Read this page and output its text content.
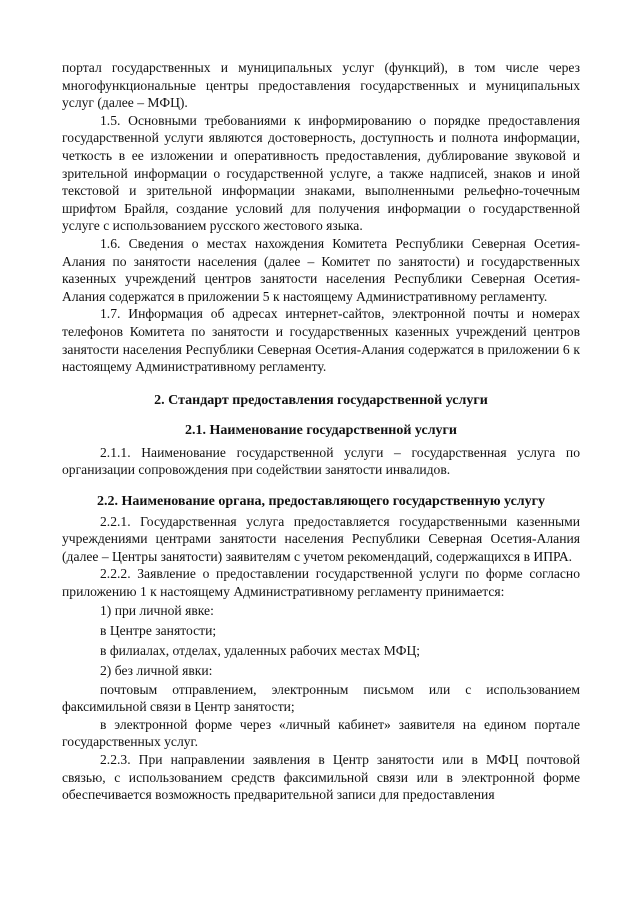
портал государственных и муниципальных услуг (функций), в том числе через многофункциональные центры предоставления государственных и муниципальных услуг (далее – МФЦ).

1.5. Основными требованиями к информированию о порядке предоставления государственной услуги являются достоверность, доступность и полнота информации, четкость в ее изложении и оперативность предоставления, дублирование звуковой и зрительной информации о государственной услуге, а также надписей, знаков и иной текстовой и зрительной информации знаками, выполненными рельефно-точечным шрифтом Брайля, создание условий для получения информации о государственной услуге с использованием русского жестового языка.

1.6. Сведения о местах нахождения Комитета Республики Северная Осетия-Алания по занятости населения (далее – Комитет по занятости) и государственных казенных учреждений центров занятости населения Республики Северная Осетия-Алания содержатся в приложении 5 к настоящему Административному регламенту.

1.7. Информация об адресах интернет-сайтов, электронной почты и номерах телефонов Комитета по занятости и государственных казенных учреждений центров занятости населения Республики Северная Осетия-Алания содержатся в приложении 6 к настоящему Административному регламенту.

2. Стандарт предоставления государственной услуги
2.1. Наименование государственной услуги

2.1.1. Наименование государственной услуги – государственная услуга по организации сопровождения при содействии занятости инвалидов.

2.2. Наименование органа, предоставляющего государственную услугу

2.2.1. Государственная услуга предоставляется государственными казенными учреждениями центрами занятости населения Республики Северная Осетия-Алания (далее – Центры занятости) заявителям с учетом рекомендаций, содержащихся в ИПРА.

2.2.2. Заявление о предоставлении государственной услуги по форме согласно приложению 1 к настоящему Административному регламенту принимается:

1) при личной явке:

в Центре занятости;

в филиалах, отделах, удаленных рабочих местах МФЦ;

2) без личной явки:

почтовым отправлением, электронным письмом или с использованием факсимильной связи в Центр занятости;

в электронной форме через «личный кабинет» заявителя на едином портале государственных услуг.

2.2.3. При направлении заявления в Центр занятости или в МФЦ почтовой связью, с использованием средств факсимильной связи или в электронной форме обеспечивается возможность предварительной записи для предоставления
